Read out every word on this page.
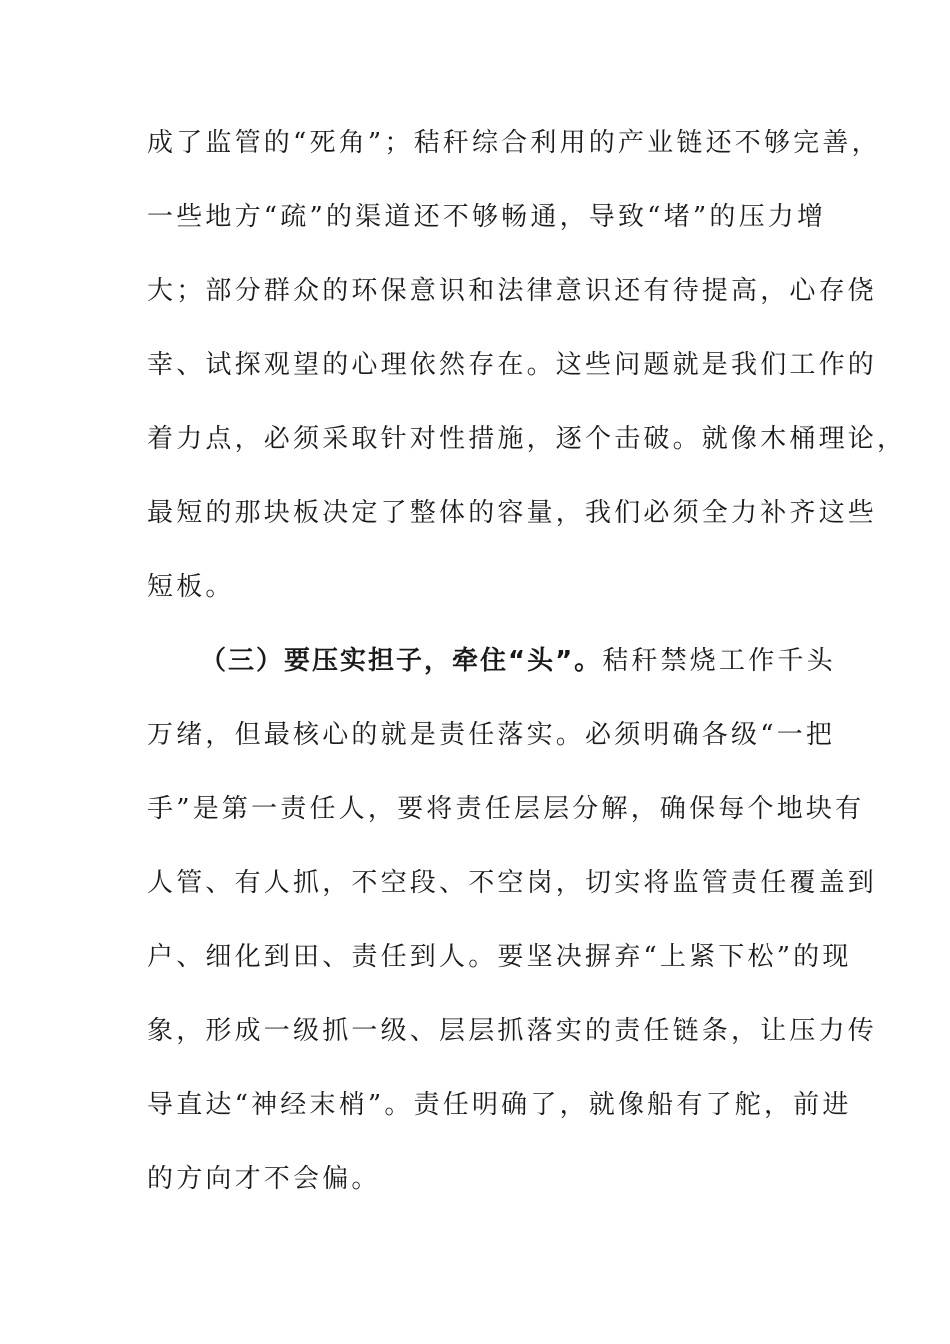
成了监管的“死角”；秸秆综合利用的产业链还不够完善，
一些地方“疏”的渠道还不够畅通，导致“堵”的压力增
大；部分群众的环保意识和法律意识还有待提高，心存侥
幸、试探观望的心理依然存在。这些问题就是我们工作的
着力点，必须采取针对性措施，逐个击破。就像木桶理论，
最短的那块板决定了整体的容量，我们必须全力补齐这些
短板。
（三）要压实担子，牵住“头”。秸秆禁烧工作千头
万绪，但最核心的就是责任落实。必须明确各级“一把
手”是第一责任人，要将责任层层分解，确保每个地块有
人管、有人抓，不空段、不空岗，切实将监管责任覆盖到
户、细化到田、责任到人。要坚决摒弃“上紧下松”的现
象，形成一级抓一级、层层抓落实的责任链条，让压力传
导直达“神经末梢”。责任明确了，就像船有了舵，前进
的方向才不会偏。
